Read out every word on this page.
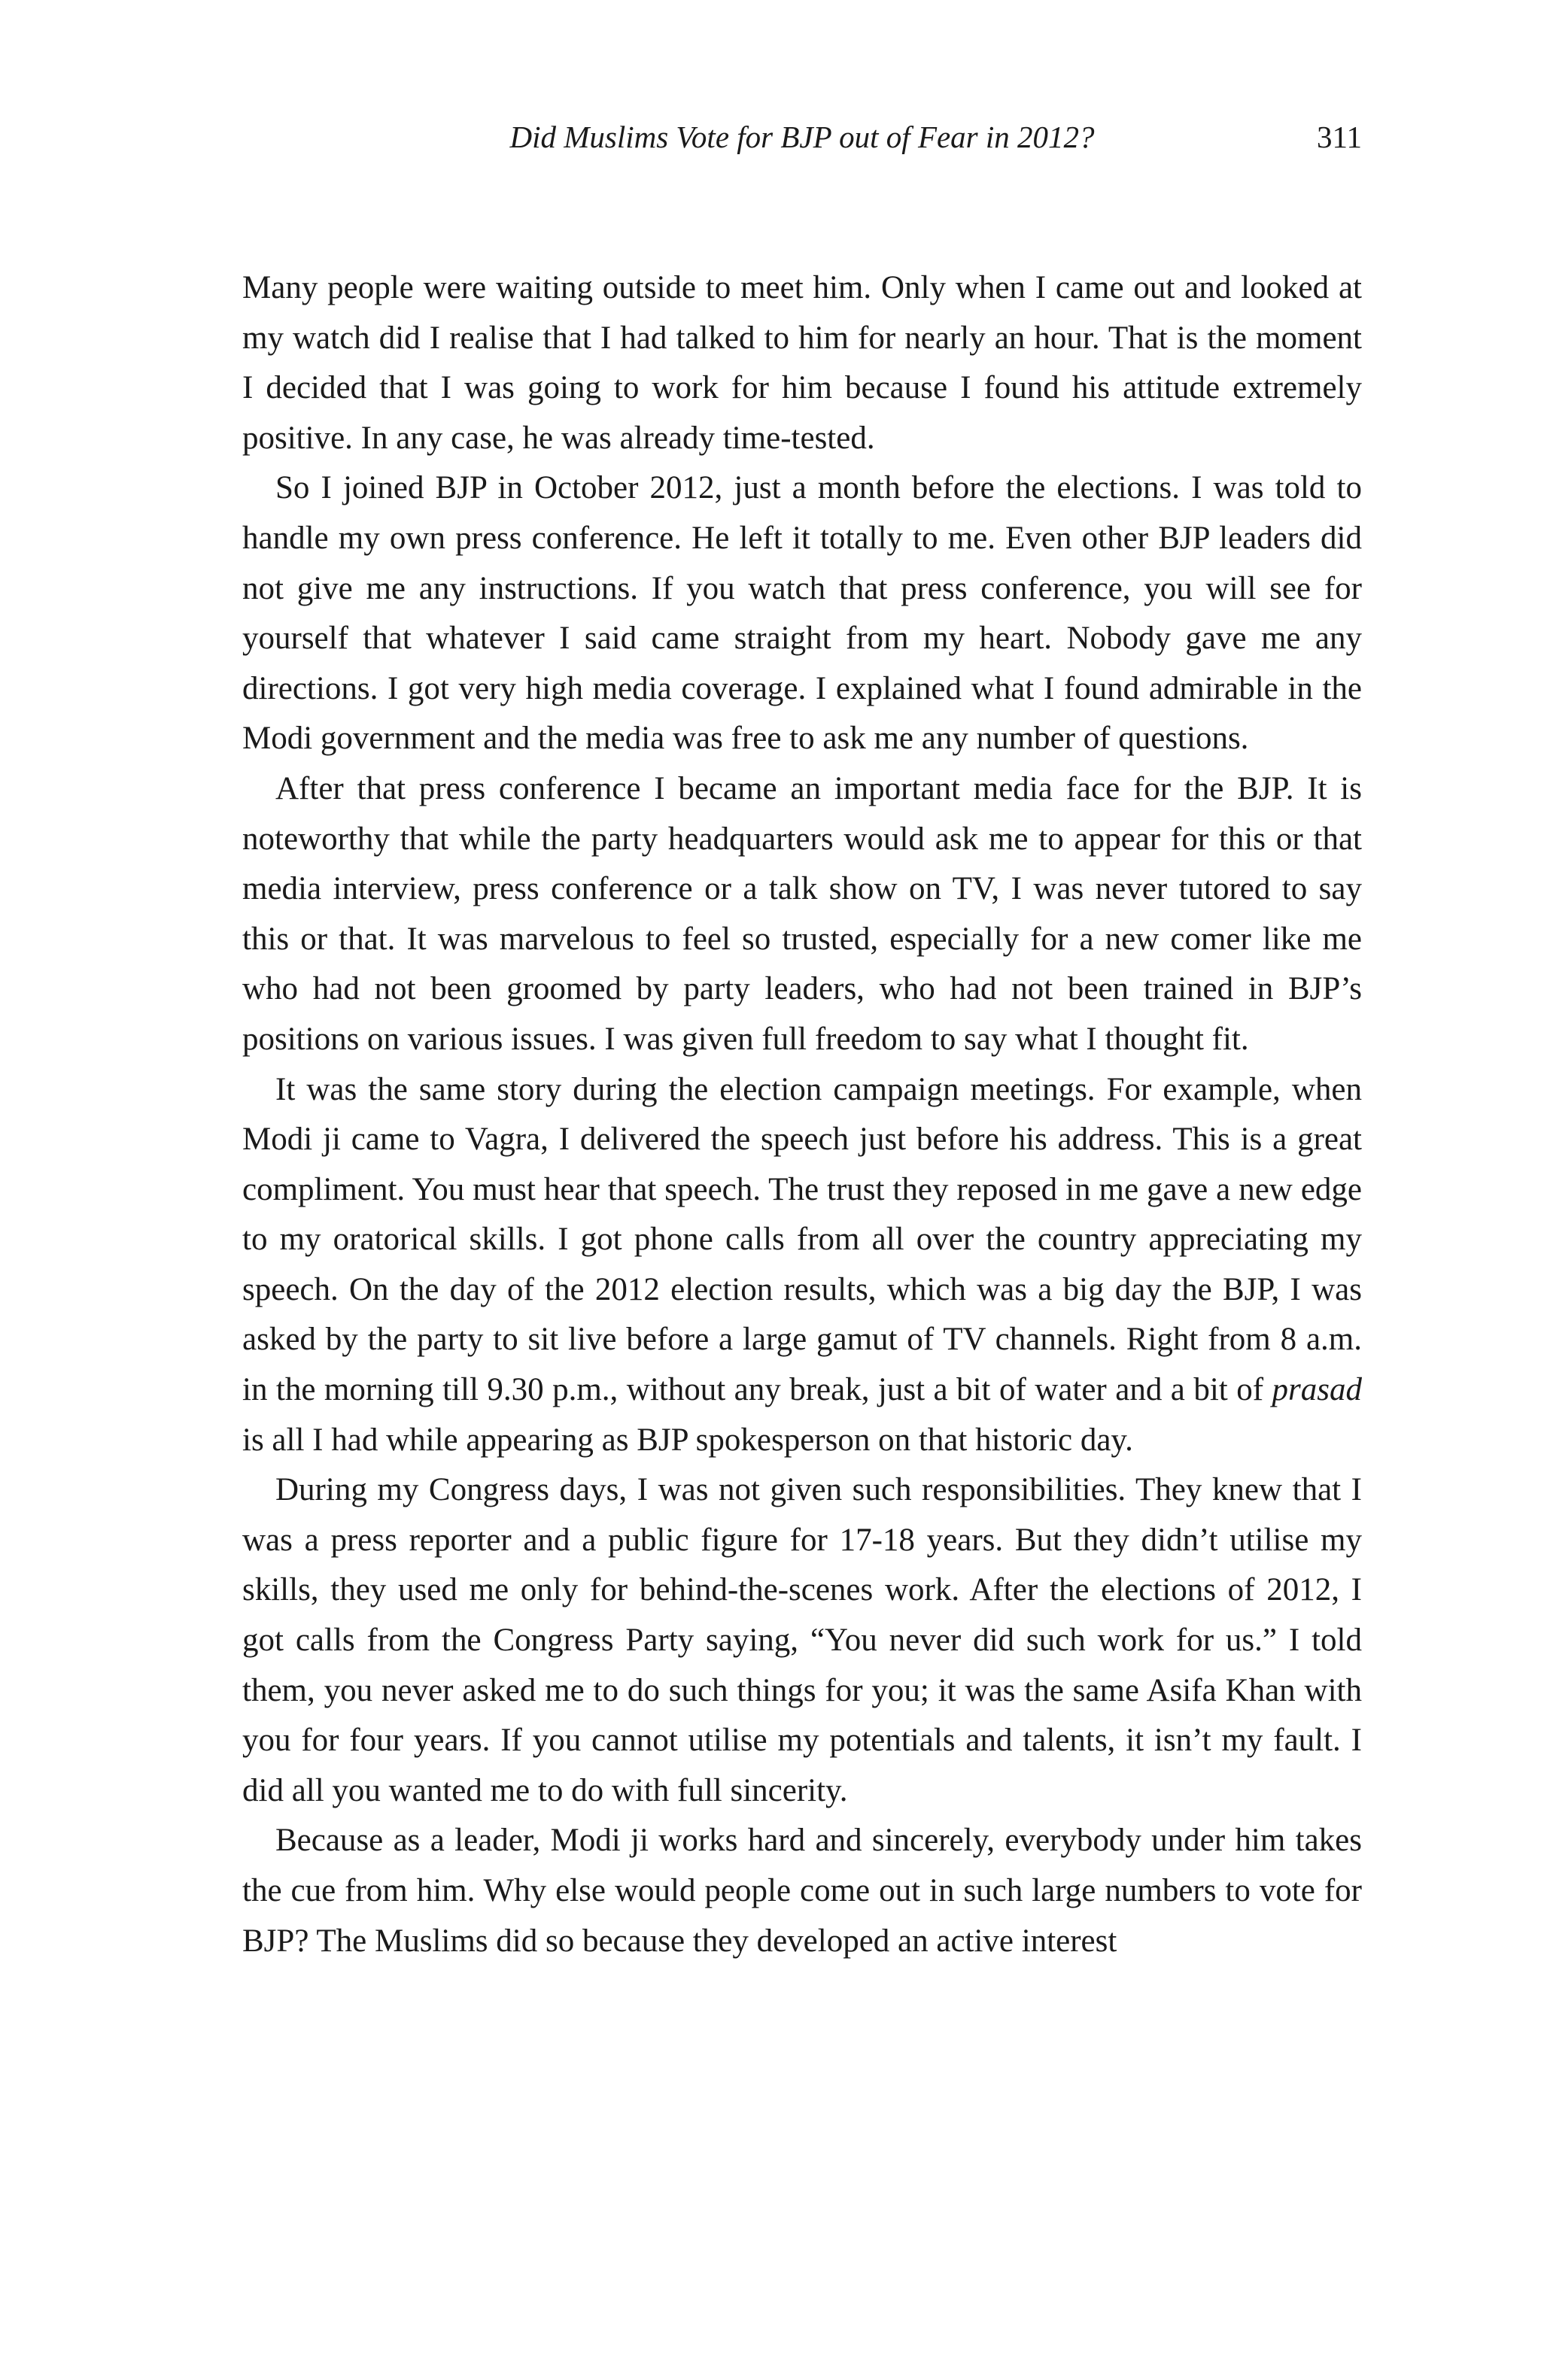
Did Muslims Vote for BJP out of Fear in 2012?	311

Many people were waiting outside to meet him. Only when I came out and looked at my watch did I realise that I had talked to him for nearly an hour. That is the moment I decided that I was going to work for him because I found his attitude extremely positive. In any case, he was already time-tested.

So I joined BJP in October 2012, just a month before the elections. I was told to handle my own press conference. He left it totally to me. Even other BJP leaders did not give me any instructions. If you watch that press conference, you will see for yourself that whatever I said came straight from my heart. Nobody gave me any directions. I got very high media coverage. I explained what I found admirable in the Modi government and the media was free to ask me any number of questions.

After that press conference I became an important media face for the BJP. It is noteworthy that while the party headquarters would ask me to appear for this or that media interview, press conference or a talk show on TV, I was never tutored to say this or that. It was marvelous to feel so trusted, especially for a new comer like me who had not been groomed by party leaders, who had not been trained in BJP’s positions on various issues. I was given full freedom to say what I thought fit.

It was the same story during the election campaign meetings. For example, when Modi ji came to Vagra, I delivered the speech just before his address. This is a great compliment. You must hear that speech. The trust they reposed in me gave a new edge to my oratorical skills. I got phone calls from all over the country appreciating my speech. On the day of the 2012 election results, which was a big day the BJP, I was asked by the party to sit live before a large gamut of TV channels. Right from 8 a.m. in the morning till 9.30 p.m., without any break, just a bit of water and a bit of prasad is all I had while appearing as BJP spokesperson on that historic day.

During my Congress days, I was not given such responsibilities. They knew that I was a press reporter and a public figure for 17-18 years. But they didn’t utilise my skills, they used me only for behind-the-scenes work. After the elections of 2012, I got calls from the Congress Party saying, “You never did such work for us.” I told them, you never asked me to do such things for you; it was the same Asifa Khan with you for four years. If you cannot utilise my potentials and talents, it isn’t my fault. I did all you wanted me to do with full sincerity.

Because as a leader, Modi ji works hard and sincerely, everybody under him takes the cue from him. Why else would people come out in such large numbers to vote for BJP? The Muslims did so because they developed an active interest
